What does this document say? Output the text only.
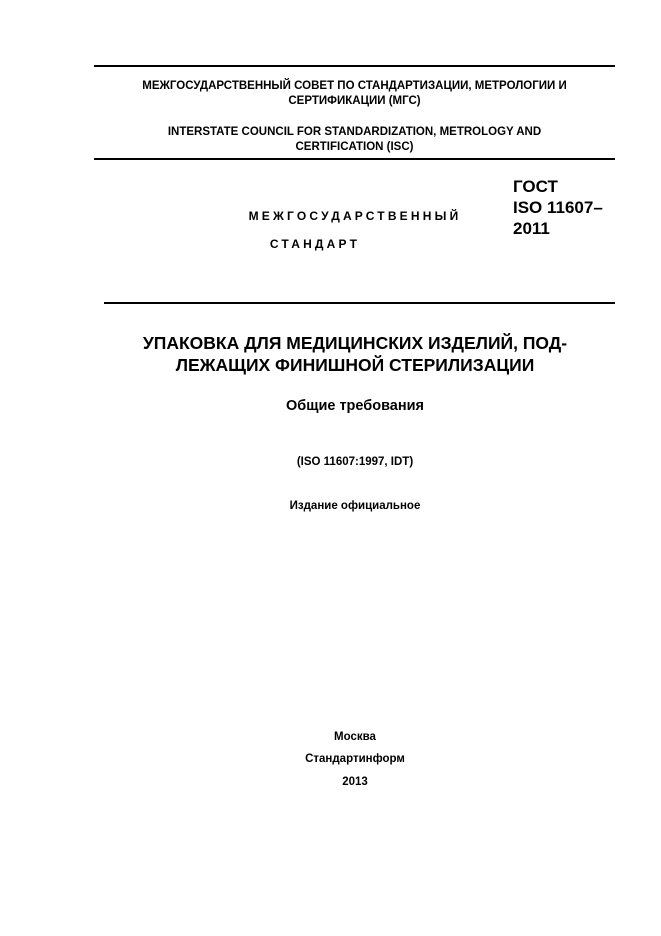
МЕЖГОСУДАРСТВЕННЫЙ СОВЕТ ПО СТАНДАРТИЗАЦИИ, МЕТРОЛОГИИ И
СЕРТИФИКАЦИИ (МГС)
INTERSTATE COUNCIL FOR STANDARDIZATION, METROLOGY AND
CERTIFICATION (ISC)
МЕЖГОСУДАРСТВЕННЫЙ
СТАНДАРТ
ГОСТ
ISO 11607–
2011
УПАКОВКА ДЛЯ МЕДИЦИНСКИХ ИЗДЕЛИЙ, ПОД-
ЛЕЖАЩИХ ФИНИШНОЙ СТЕРИЛИЗАЦИИ
Общие требования
(ISO 11607:1997, IDT)
Издание официальное
Москва
Стандартинформ
2013
